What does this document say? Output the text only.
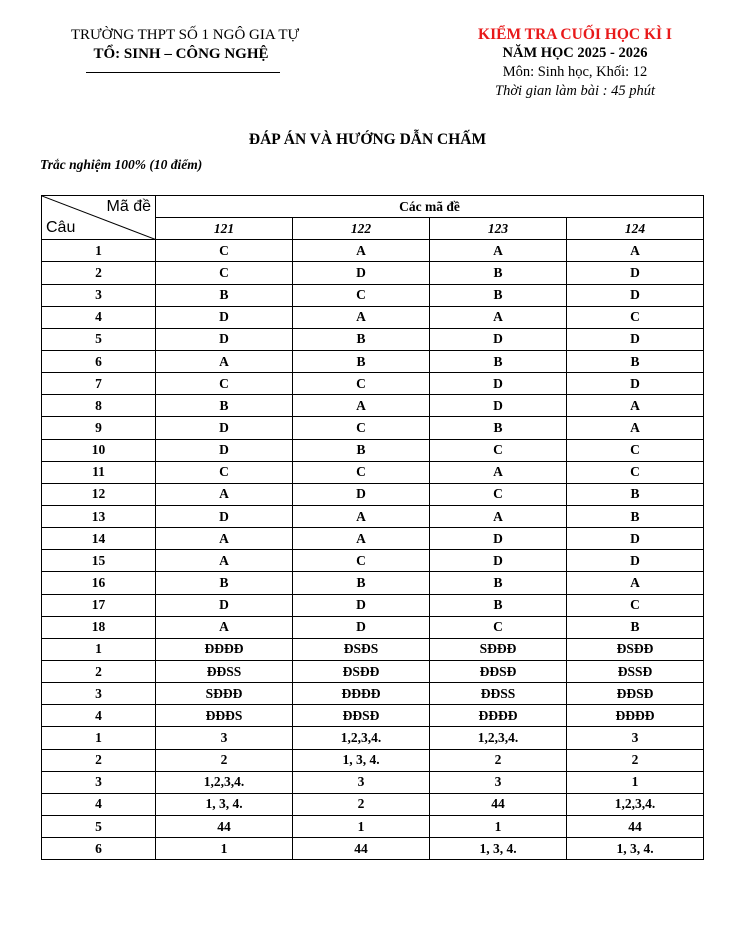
TRƯỜNG THPT SỐ 1 NGÔ GIA TỰ
TỔ: SINH – CÔNG NGHỆ
KIỂM TRA CUỐI HỌC KÌ I
NĂM HỌC 2025 - 2026
Môn: Sinh học, Khối: 12
Thời gian làm bài : 45 phút
ĐÁP ÁN VÀ HƯỚNG DẪN CHẤM
Trắc nghiệm 100% (10 điểm)
Mã đề
Câu	Các mã đề			
	121	122	123	124
1	C	A	A	A
2	C	D	B	D
3	B	C	B	D
4	D	A	A	C
5	D	B	D	D
6	A	B	B	B
7	C	C	D	D
8	B	A	D	A
9	D	C	B	A
10	D	B	C	C
11	C	C	A	C
12	A	D	C	B
13	D	A	A	B
14	A	A	D	D
15	A	C	D	D
16	B	B	B	A
17	D	D	B	C
18	A	D	C	B
1	ĐĐĐĐ	ĐSĐS	SĐĐĐ	ĐSĐĐ
2	ĐĐSS	ĐSĐĐ	ĐĐSĐ	ĐSSĐ
3	SĐĐĐ	ĐĐĐĐ	ĐĐSS	ĐĐSĐ
4	ĐĐĐS	ĐĐSĐ	ĐĐĐĐ	ĐĐĐĐ
1	3	1,2,3,4.	1,2,3,4.	3
2	2	1, 3, 4.	2	2
3	1,2,3,4.	3	3	1
4	1, 3, 4.	2	44	1,2,3,4.
5	44	1	1	44
6	1	44	1, 3, 4.	1, 3, 4.
